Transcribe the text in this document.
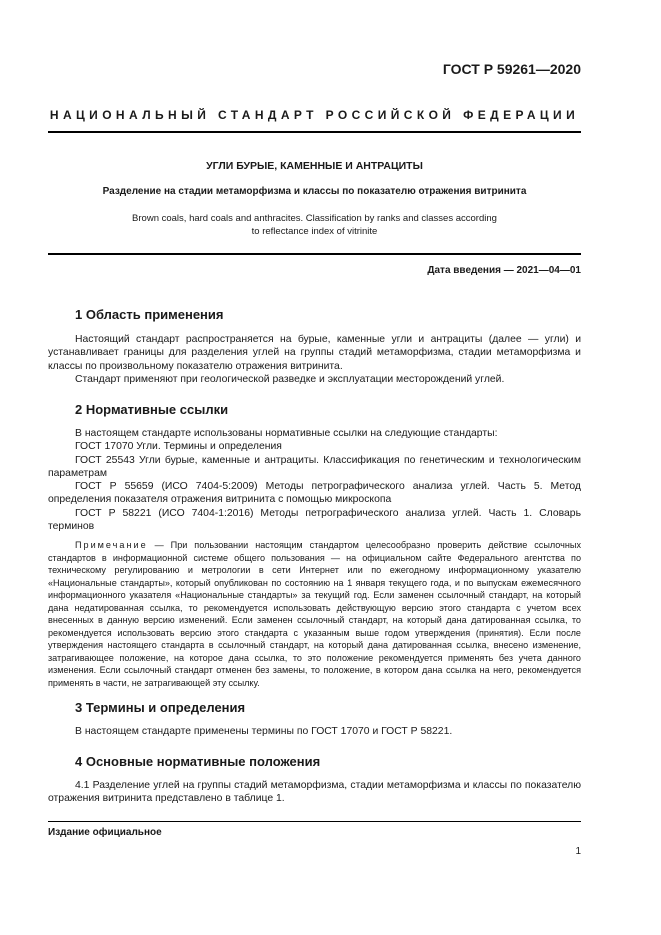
ГОСТ Р 59261—2020
НАЦИОНАЛЬНЫЙ СТАНДАРТ РОССИЙСКОЙ ФЕДЕРАЦИИ
УГЛИ БУРЫЕ, КАМЕННЫЕ И АНТРАЦИТЫ
Разделение на стадии метаморфизма и классы по показателю отражения витринита
Brown coals, hard coals and anthracites. Classification by ranks and classes according
to reflectance index of vitrinite
Дата введения — 2021—04—01
1 Область применения

Настоящий стандарт распространяется на бурые, каменные угли и антрациты (далее — угли) и устанавливает границы для разделения углей на группы стадий метаморфизма, стадии метаморфизма и классы по произвольному показателю отражения витринита.

Стандарт применяют при геологической разведке и эксплуатации месторождений углей.

2 Нормативные ссылки

В настоящем стандарте использованы нормативные ссылки на следующие стандарты:

ГОСТ 17070 Угли. Термины и определения

ГОСТ 25543 Угли бурые, каменные и антрациты. Классификация по генетическим и технологическим параметрам

ГОСТ Р 55659 (ИСО 7404-5:2009) Методы петрографического анализа углей. Часть 5. Метод определения показателя отражения витринита с помощью микроскопа

ГОСТ Р 58221 (ИСО 7404-1:2016) Методы петрографического анализа углей. Часть 1. Словарь терминов

Примечание — При пользовании настоящим стандартом целесообразно проверить действие ссылочных стандартов в информационной системе общего пользования — на официальном сайте Федерального агентства по техническому регулированию и метрологии в сети Интернет или по ежегодному информационному указателю «Национальные стандарты», который опубликован по состоянию на 1 января текущего года, и по выпускам ежемесячного информационного указателя «Национальные стандарты» за текущий год. Если заменен ссылочный стандарт, на который дана недатированная ссылка, то рекомендуется использовать действующую версию этого стандарта с учетом всех внесенных в данную версию изменений. Если заменен ссылочный стандарт, на который дана датированная ссылка, то рекомендуется использовать версию этого стандарта с указанным выше годом утверждения (принятия). Если после утверждения настоящего стандарта в ссылочный стандарт, на который дана датированная ссылка, внесено изменение, затрагивающее положение, на которое дана ссылка, то это положение рекомендуется применять без учета данного изменения. Если ссылочный стандарт отменен без замены, то положение, в котором дана ссылка на него, рекомендуется применять в части, не затрагивающей эту ссылку.

3 Термины и определения

В настоящем стандарте применены термины по ГОСТ 17070 и ГОСТ Р 58221.

4 Основные нормативные положения

4.1 Разделение углей на группы стадий метаморфизма, стадии метаморфизма и классы по показателю отражения витринита представлено в таблице 1.

Издание официальное
1
